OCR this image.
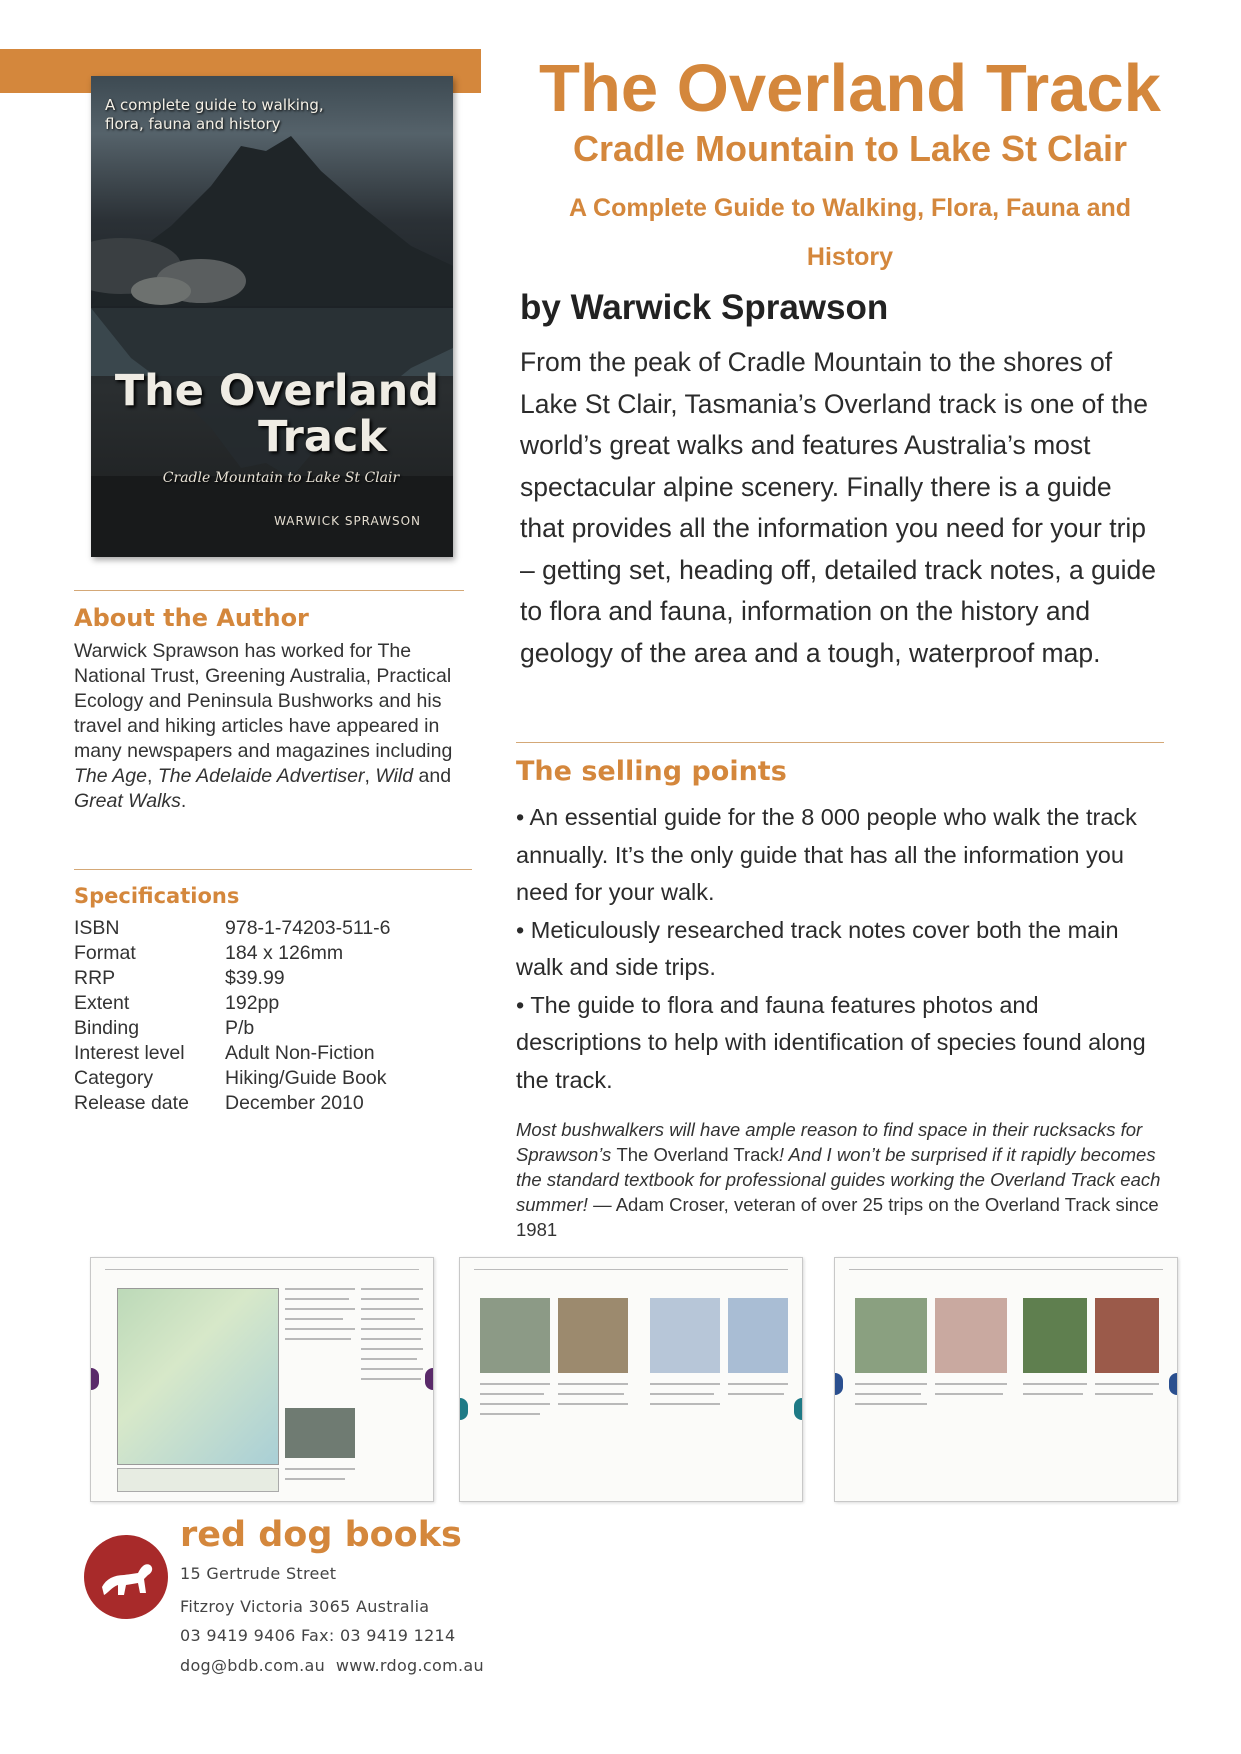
A complete guide to walking, flora, fauna and history
The Overland
Track
Cradle Mountain to Lake St Clair
WARWICK SPRAWSON
The Overland Track
Cradle Mountain to Lake St Clair
A Complete Guide to Walking, Flora, Fauna and History

by Warwick Sprawson

From the peak of Cradle Mountain to the shores of Lake St Clair, Tasmania’s Overland track is one of the world’s great walks and features Australia’s most spectacular alpine scenery. Finally there is a guide that provides all the information you need for your trip – getting set, heading off, detailed track notes, a guide to flora and fauna, information on the history and geology of the area and a tough, waterproof map.

About the Author

Warwick Sprawson has worked for The National Trust, Greening Australia, Practical Ecology and Peninsula Bushworks and his travel and hiking articles have appeared in many newspapers and magazines including The Age, The Adelaide Advertiser, Wild and Great Walks.

Specifications
ISBN	978-1-74203-511-6
Format	184 x 126mm
RRP	$39.99
Extent	192pp
Binding	P/b
Interest level	Adult Non-Fiction
Category	Hiking/Guide Book
Release date	December 2010
The selling points
• An essential guide for the 8 000 people who walk the track annually. It’s the only guide that has all the information you need for your walk.
• Meticulously researched track notes cover both the main walk and side trips.
• The guide to flora and fauna features photos and descriptions to help with identification of species found along the track.

Most bushwalkers will have ample reason to find space in their rucksacks for Sprawson’s The Overland Track! And I won’t be surprised if it rapidly becomes the standard textbook for professional guides working the Overland Track each summer! — Adam Croser, veteran of over 25 trips on the Overland Track since 1981

red dog books

15 Gertrude Street

Fitzroy Victoria 3065 Australia

03 9419 9406 Fax: 03 9419 1214

dog@bdb.com.au  www.rdog.com.au
